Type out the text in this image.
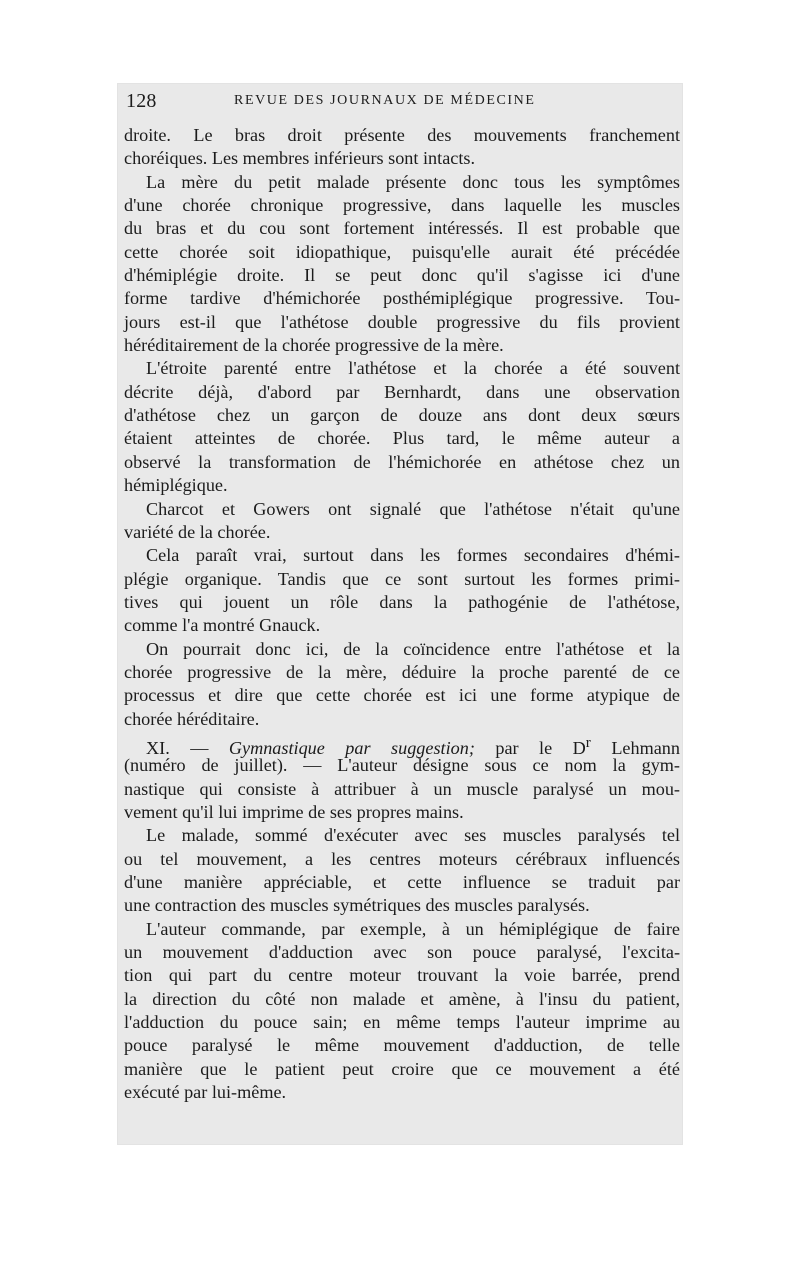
128	REVUE DES JOURNAUX DE MÉDECINE
droite. Le bras droit présente des mouvements franchement
choréiques. Les membres inférieurs sont intacts.
La mère du petit malade présente donc tous les symptômes
d'une chorée chronique progressive, dans laquelle les muscles
du bras et du cou sont fortement intéressés. Il est probable que
cette chorée soit idiopathique, puisqu'elle aurait été précédée
d'hémiplégie droite. Il se peut donc qu'il s'agisse ici d'une
forme tardive d'hémichorée posthémiplégique progressive. Tou-
jours est-il que l'athétose double progressive du fils provient
héréditairement de la chorée progressive de la mère.
L'étroite parenté entre l'athétose et la chorée a été souvent
décrite déjà, d'abord par Bernhardt, dans une observation
d'athétose chez un garçon de douze ans dont deux sœurs
étaient atteintes de chorée. Plus tard, le même auteur a
observé la transformation de l'hémichorée en athétose chez un
hémiplégique.
Charcot et Gowers ont signalé que l'athétose n'était qu'une
variété de la chorée.
Cela paraît vrai, surtout dans les formes secondaires d'hémi-
plégie organique. Tandis que ce sont surtout les formes primi-
tives qui jouent un rôle dans la pathogénie de l'athétose,
comme l'a montré Gnauck.
On pourrait donc ici, de la coïncidence entre l'athétose et la
chorée progressive de la mère, déduire la proche parenté de ce
processus et dire que cette chorée est ici une forme atypique de
chorée héréditaire.
XI. — Gymnastique par suggestion; par le $D^r$ Lehmann
(numéro de juillet). — L'auteur désigne sous ce nom la gym-
nastique qui consiste à attribuer à un muscle paralysé un mou-
vement qu'il lui imprime de ses propres mains.
Le malade, sommé d'exécuter avec ses muscles paralysés tel
ou tel mouvement, a les centres moteurs cérébraux influencés
d'une manière appréciable, et cette influence se traduit par
une contraction des muscles symétriques des muscles paralysés.
L'auteur commande, par exemple, à un hémiplégique de faire
un mouvement d'adduction avec son pouce paralysé, l'excita-
tion qui part du centre moteur trouvant la voie barrée, prend
la direction du côté non malade et amène, à l'insu du patient,
l'adduction du pouce sain; en même temps l'auteur imprime au
pouce paralysé le même mouvement d'adduction, de telle
manière que le patient peut croire que ce mouvement a été
exécuté par lui-même.
